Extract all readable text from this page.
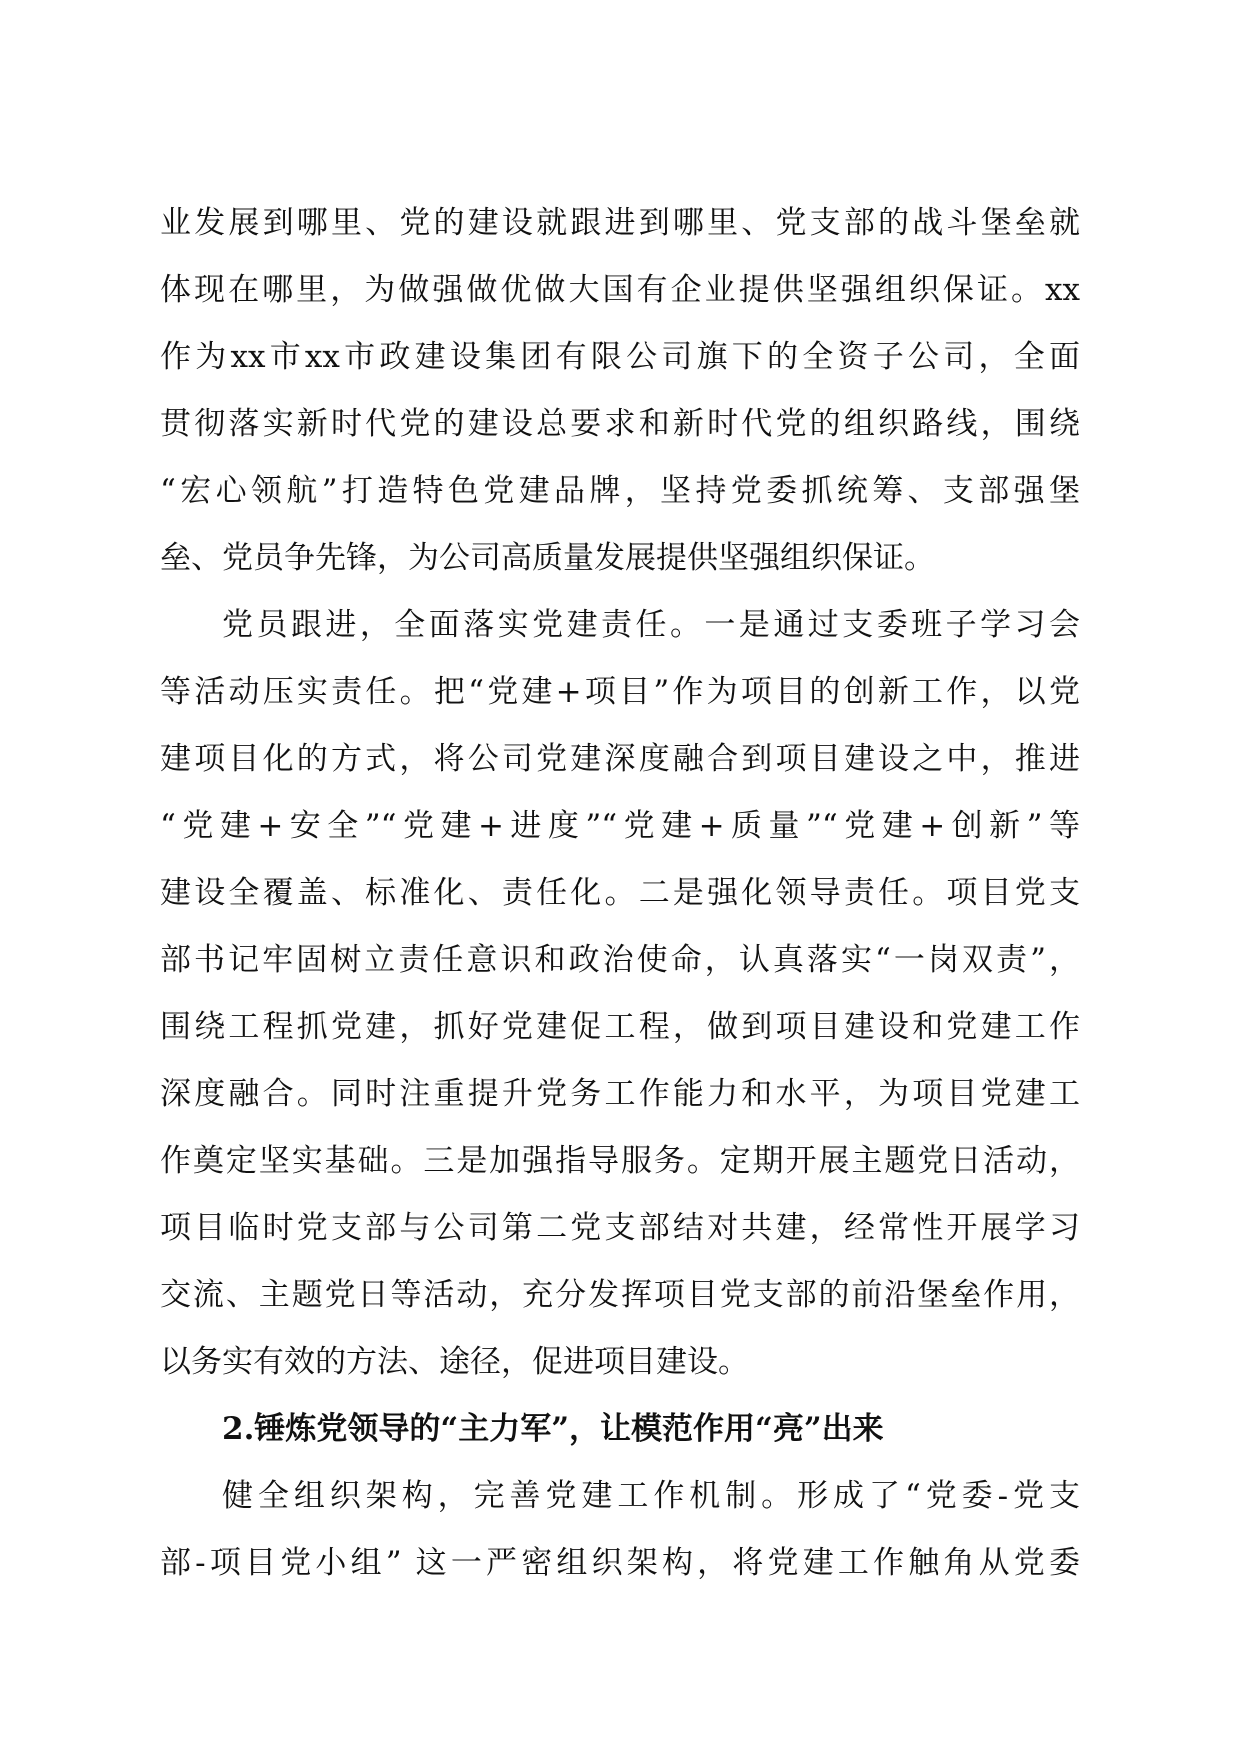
业发展到哪里、党的建设就跟进到哪里、党支部的战斗堡垒就
体现在哪里，为做强做优做大国有企业提供坚强组织保证。xx
作为xx市xx市政建设集团有限公司旗下的全资子公司，全面
贯彻落实新时代党的建设总要求和新时代党的组织路线，围绕
“宏心领航”打造特色党建品牌，坚持党委抓统筹、支部强堡
垒、党员争先锋，为公司高质量发展提供坚强组织保证。
党员跟进，全面落实党建责任。一是通过支委班子学习会
等活动压实责任。把“党建+项目”作为项目的创新工作，以党
建项目化的方式，将公司党建深度融合到项目建设之中，推进
“党建+安全”“党建+进度”“党建+质量”“党建+创新”等
建设全覆盖、标准化、责任化。二是强化领导责任。项目党支
部书记牢固树立责任意识和政治使命，认真落实“一岗双责”，
围绕工程抓党建，抓好党建促工程，做到项目建设和党建工作
深度融合。同时注重提升党务工作能力和水平，为项目党建工
作奠定坚实基础。三是加强指导服务。定期开展主题党日活动，
项目临时党支部与公司第二党支部结对共建，经常性开展学习
交流、主题党日等活动，充分发挥项目党支部的前沿堡垒作用，
以务实有效的方法、途径，促进项目建设。
2.锤炼党领导的“主力军”，让模范作用“亮”出来
健全组织架构，完善党建工作机制。形成了“党委-党支
部-项目党小组” 这一严密组织架构，将党建工作触角从党委
